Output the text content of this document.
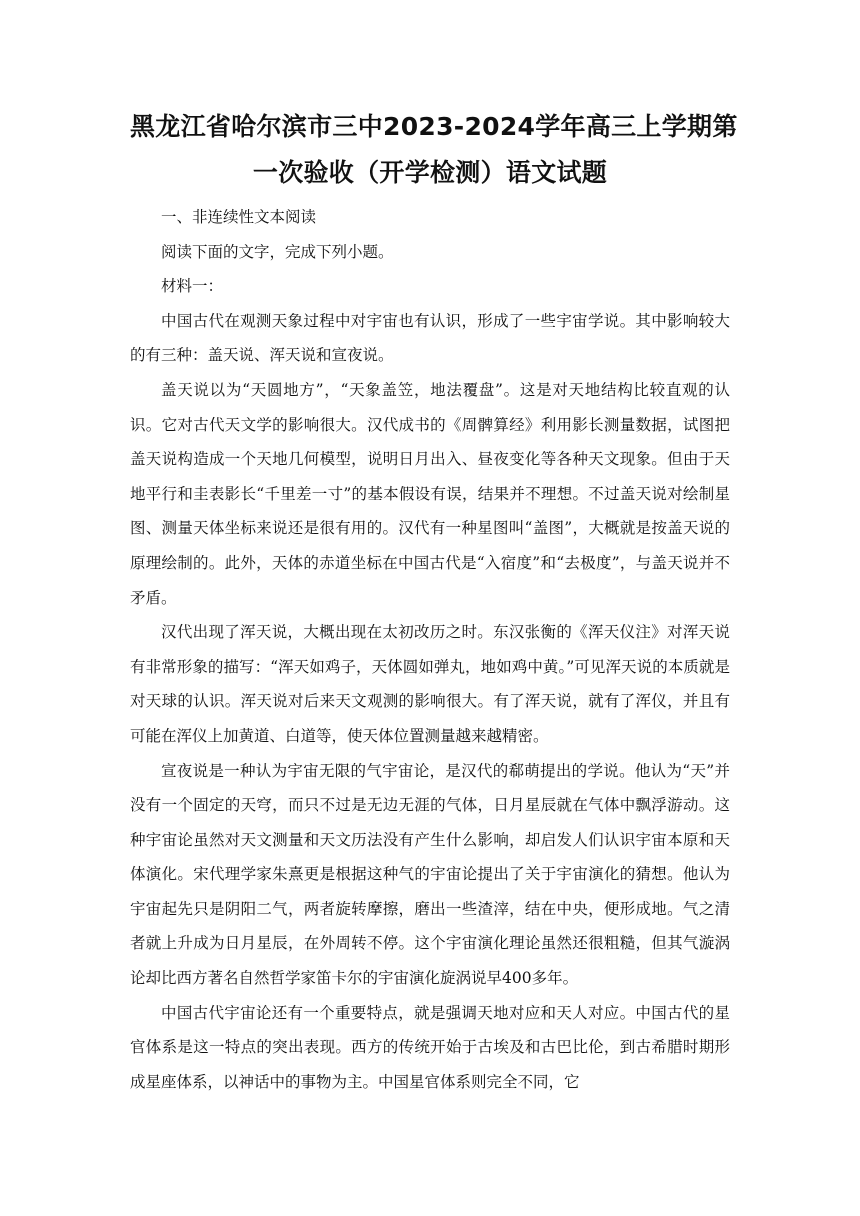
黑龙江省哈尔滨市三中2023-2024学年高三上学期第
一次验收（开学检测）语文试题

一、非连续性文本阅读

阅读下面的文字，完成下列小题。

材料一：

中国古代在观测天象过程中对宇宙也有认识，形成了一些宇宙学说。其中影响较大的有三种：盖天说、浑天说和宣夜说。

盖天说以为“天圆地方”，“天象盖笠，地法覆盘”。这是对天地结构比较直观的认识。它对古代天文学的影响很大。汉代成书的《周髀算经》利用影长测量数据，试图把盖天说构造成一个天地几何模型，说明日月出入、昼夜变化等各种天文现象。但由于天地平行和圭表影长“千里差一寸”的基本假设有误，结果并不理想。不过盖天说对绘制星图、测量天体坐标来说还是很有用的。汉代有一种星图叫“盖图”，大概就是按盖天说的原理绘制的。此外，天体的赤道坐标在中国古代是“入宿度”和“去极度”，与盖天说并不矛盾。

汉代出现了浑天说，大概出现在太初改历之时。东汉张衡的《浑天仪注》对浑天说有非常形象的描写：“浑天如鸡子，天体圆如弹丸，地如鸡中黄。”可见浑天说的本质就是对天球的认识。浑天说对后来天文观测的影响很大。有了浑天说，就有了浑仪，并且有可能在浑仪上加黄道、白道等，使天体位置测量越来越精密。

宣夜说是一种认为宇宙无限的气宇宙论，是汉代的郗萌提出的学说。他认为“天”并没有一个固定的天穹，而只不过是无边无涯的气体，日月星辰就在气体中飘浮游动。这种宇宙论虽然对天文测量和天文历法没有产生什么影响，却启发人们认识宇宙本原和天体演化。宋代理学家朱熹更是根据这种气的宇宙论提出了关于宇宙演化的猜想。他认为宇宙起先只是阴阳二气，两者旋转摩擦，磨出一些渣滓，结在中央，便形成地。气之清者就上升成为日月星辰，在外周转不停。这个宇宙演化理论虽然还很粗糙，但其气漩涡论却比西方著名自然哲学家笛卡尔的宇宙演化旋涡说早400多年。

中国古代宇宙论还有一个重要特点，就是强调天地对应和天人对应。中国古代的星官体系是这一特点的突出表现。西方的传统开始于古埃及和古巴比伦，到古希腊时期形成星座体系，以神话中的事物为主。中国星官体系则完全不同，它
